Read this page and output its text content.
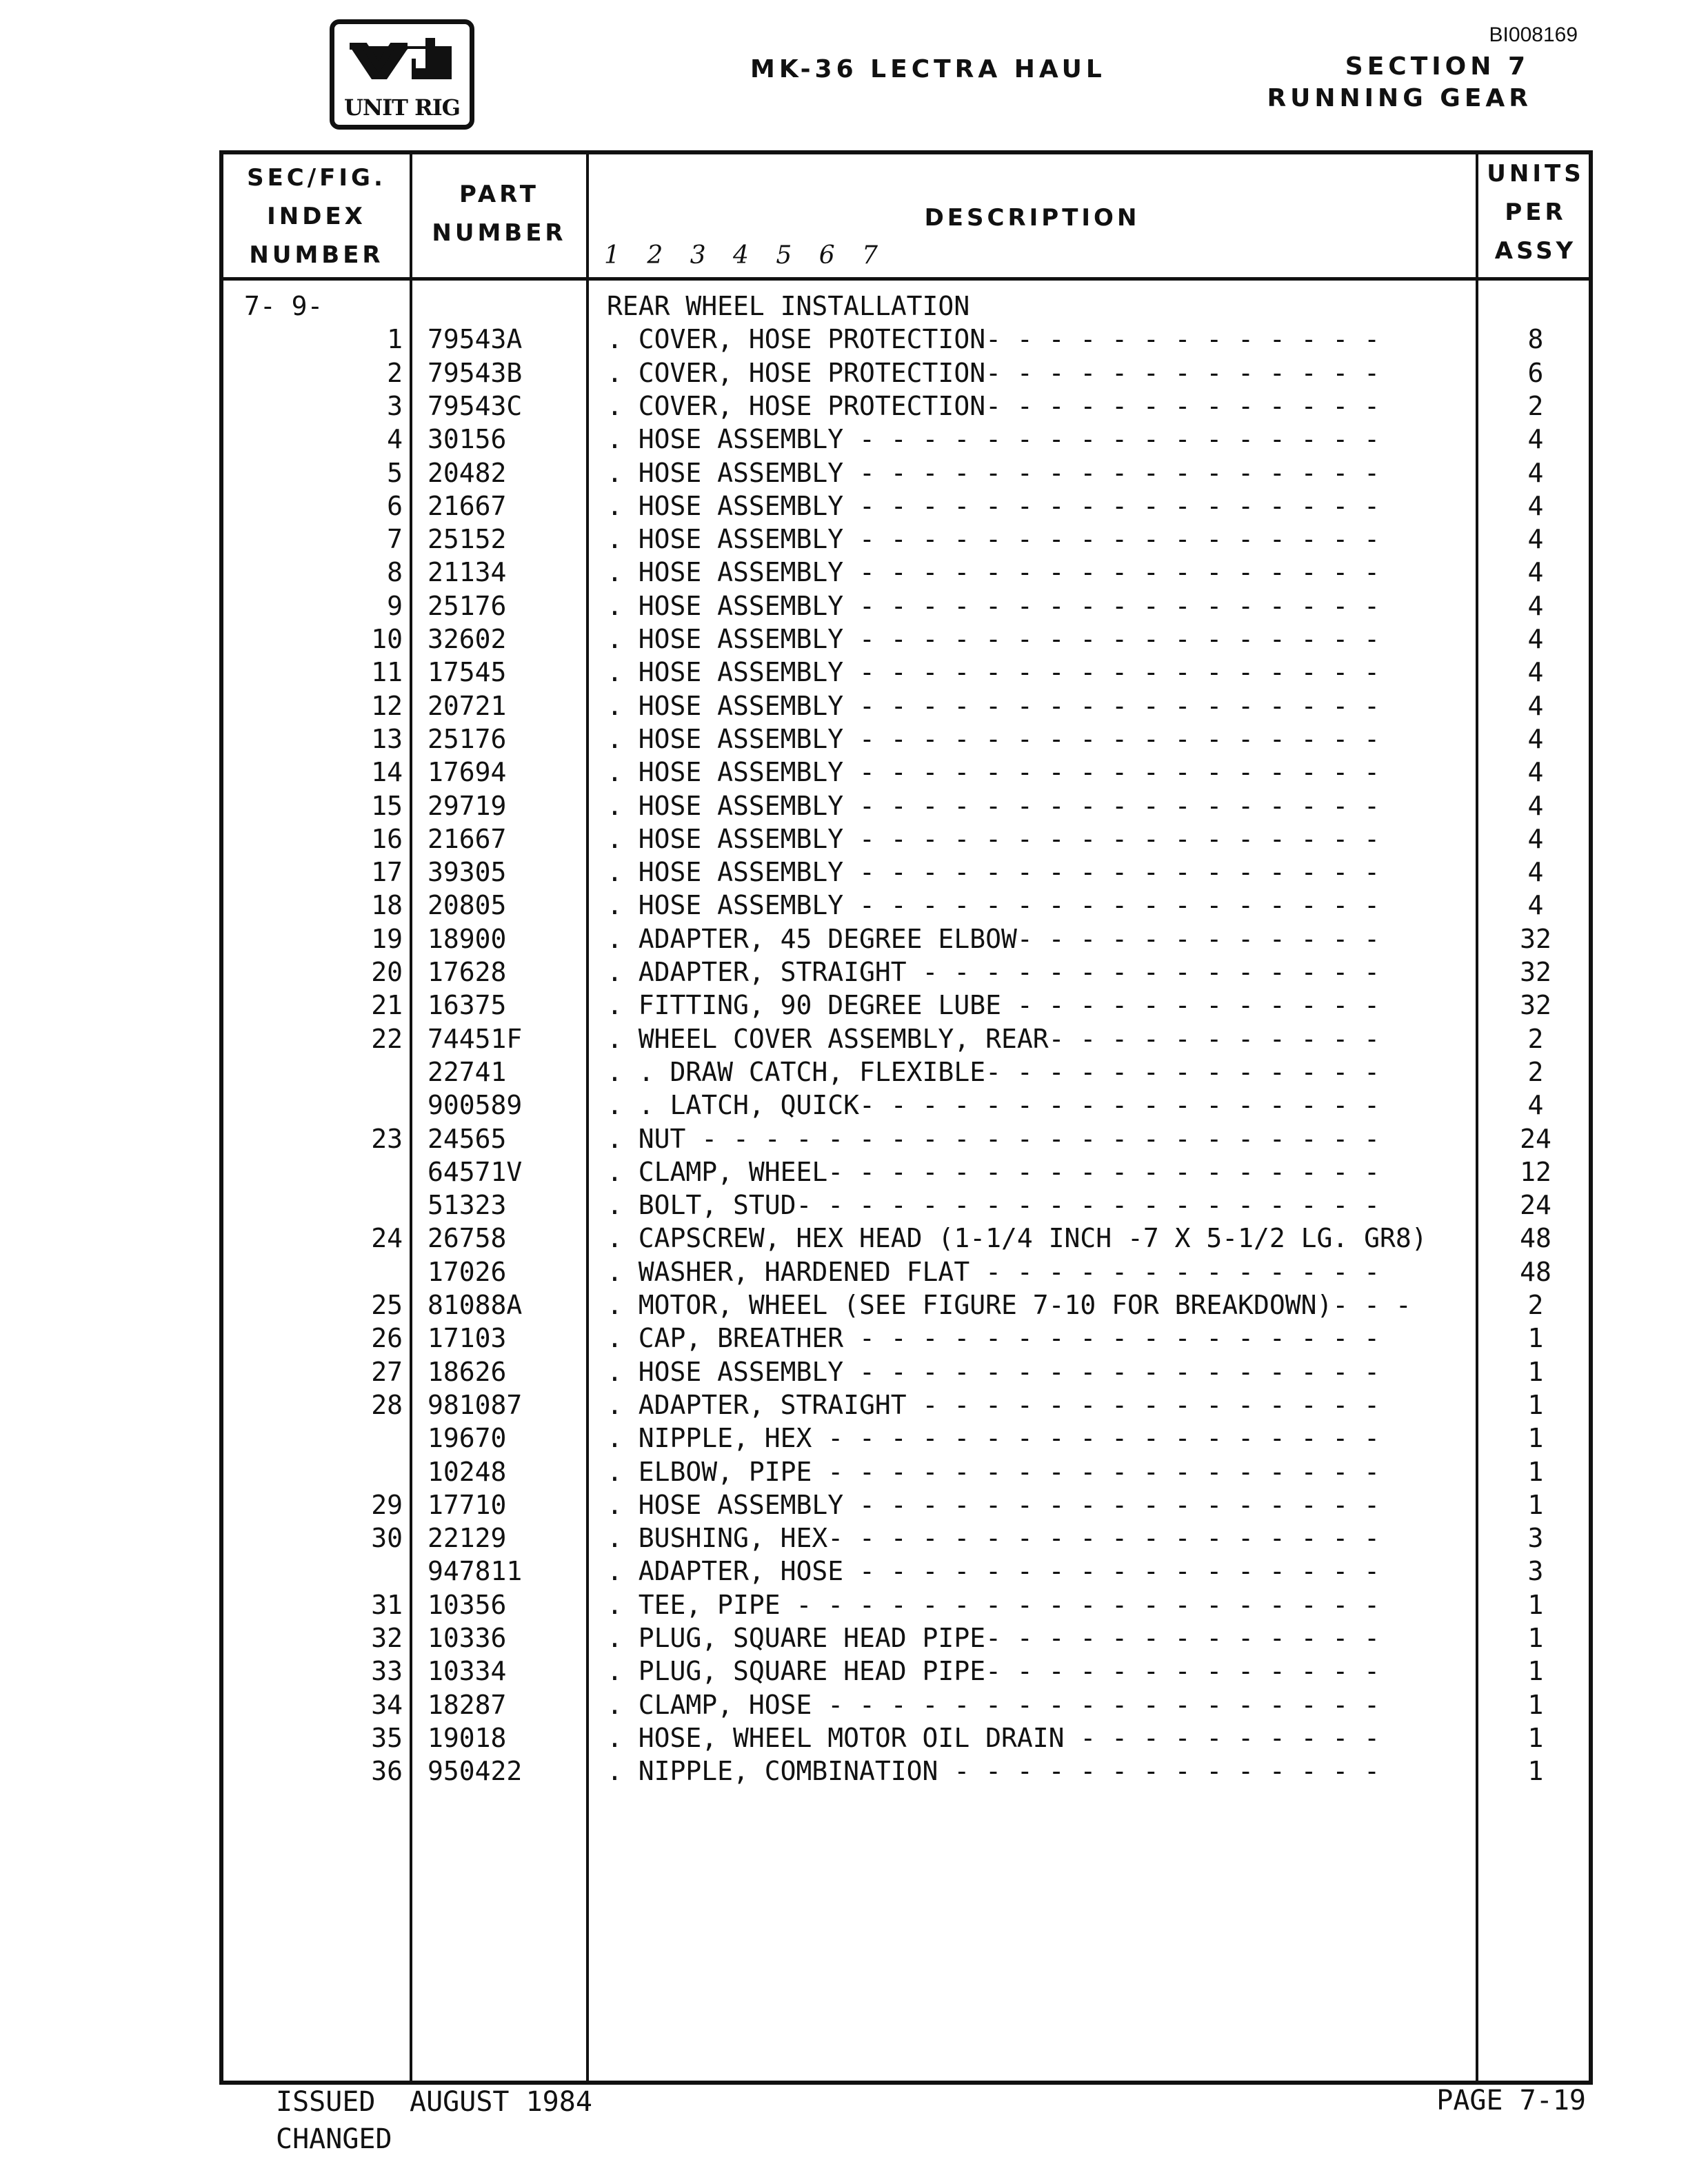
UNIT RIG
BI008169
MK-36 LECTRA HAUL	SECTION 7
RUNNING GEAR
SEC/FIG.
INDEX
NUMBER
PART
NUMBER
DESCRIPTION
1 2 3 4 5 6 7
UNITS
PER
ASSY
7- 9-	REAR WHEEL INSTALLATION
1 79543A	. COVER, HOSE PROTECTION- - - - - - - - - - - - -	8
2 79543B	. COVER, HOSE PROTECTION- - - - - - - - - - - - -	6
3 79543C	. COVER, HOSE PROTECTION- - - - - - - - - - - - -	2
4 30156	. HOSE ASSEMBLY - - - - - - - - - - - - - - - - -	4
5 20482	. HOSE ASSEMBLY - - - - - - - - - - - - - - - - -	4
6 21667	. HOSE ASSEMBLY - - - - - - - - - - - - - - - - -	4
7 25152	. HOSE ASSEMBLY - - - - - - - - - - - - - - - - -	4
8 21134	. HOSE ASSEMBLY - - - - - - - - - - - - - - - - -	4
9 25176	. HOSE ASSEMBLY - - - - - - - - - - - - - - - - -	4
10 32602	. HOSE ASSEMBLY - - - - - - - - - - - - - - - - -	4
11 17545	. HOSE ASSEMBLY - - - - - - - - - - - - - - - - -	4
12 20721	. HOSE ASSEMBLY - - - - - - - - - - - - - - - - -	4
13 25176	. HOSE ASSEMBLY - - - - - - - - - - - - - - - - -	4
14 17694	. HOSE ASSEMBLY - - - - - - - - - - - - - - - - -	4
15 29719	. HOSE ASSEMBLY - - - - - - - - - - - - - - - - -	4
16 21667	. HOSE ASSEMBLY - - - - - - - - - - - - - - - - -	4
17 39305	. HOSE ASSEMBLY - - - - - - - - - - - - - - - - -	4
18 20805	. HOSE ASSEMBLY - - - - - - - - - - - - - - - - -	4
19 18900	. ADAPTER, 45 DEGREE ELBOW- - - - - - - - - - - -	32
20 17628	. ADAPTER, STRAIGHT - - - - - - - - - - - - - - -	32
21 16375	. FITTING, 90 DEGREE LUBE - - - - - - - - - - - -	32
22 74451F	. WHEEL COVER ASSEMBLY, REAR- - - - - - - - - - -	2
22741	. . DRAW CATCH, FLEXIBLE- - - - - - - - - - - - -	2
900589	. . LATCH, QUICK- - - - - - - - - - - - - - - - -	4
23 24565	. NUT - - - - - - - - - - - - - - - - - - - - - -	24
64571V	. CLAMP, WHEEL- - - - - - - - - - - - - - - - - -	12
51323	. BOLT, STUD- - - - - - - - - - - - - - - - - - -	24
24 26758	. CAPSCREW, HEX HEAD (1-1/4 INCH -7 X 5-1/2 LG. GR8)	48
17026	. WASHER, HARDENED FLAT - - - - - - - - - - - - -	48
25 81088A	. MOTOR, WHEEL (SEE FIGURE 7-10 FOR BREAKDOWN)- - -	2
26 17103	. CAP, BREATHER - - - - - - - - - - - - - - - - -	1
27 18626	. HOSE ASSEMBLY - - - - - - - - - - - - - - - - -	1
28 981087	. ADAPTER, STRAIGHT - - - - - - - - - - - - - - -	1
19670	. NIPPLE, HEX - - - - - - - - - - - - - - - - - -	1
10248	. ELBOW, PIPE - - - - - - - - - - - - - - - - - -	1
29 17710	. HOSE ASSEMBLY - - - - - - - - - - - - - - - - -	1
30 22129	. BUSHING, HEX- - - - - - - - - - - - - - - - - -	3
947811	. ADAPTER, HOSE - - - - - - - - - - - - - - - - -	3
31 10356	. TEE, PIPE - - - - - - - - - - - - - - - - - - -	1
32 10336	. PLUG, SQUARE HEAD PIPE- - - - - - - - - - - - -	1
33 10334	. PLUG, SQUARE HEAD PIPE- - - - - - - - - - - - -	1
34 18287	. CLAMP, HOSE - - - - - - - - - - - - - - - - - -	1
35 19018	. HOSE, WHEEL MOTOR OIL DRAIN - - - - - - - - - -	1
36 950422	. NIPPLE, COMBINATION - - - - - - - - - - - - - -	1
ISSUED AUGUST 1984
CHANGED
PAGE 7-19
